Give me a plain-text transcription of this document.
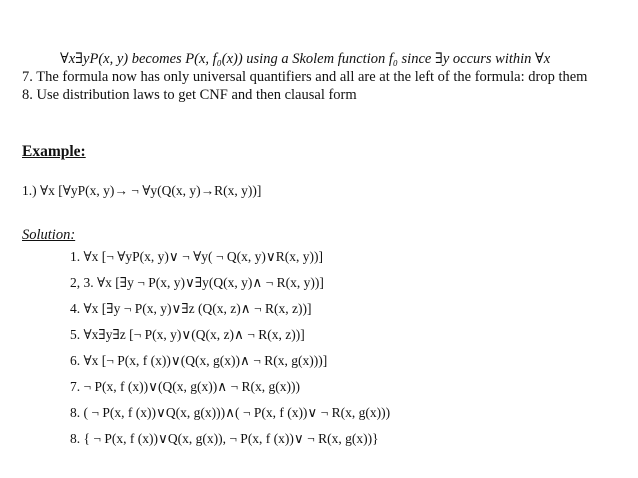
∀x∃yP(x, y) becomes P(x, f₀(x)) using a Skolem function f₀ since ∃y occurs within ∀x
7. The formula now has only universal quantifiers and all are at the left of the formula: drop them
8. Use distribution laws to get CNF and then clausal form
Example:
1.) ∀x [∀yP(x, y)→ ¬ ∀y(Q(x, y)→R(x, y))]
Solution:
1. ∀x [¬ ∀yP(x, y)∨ ¬ ∀y( ¬ Q(x, y)∨R(x, y))]
2, 3. ∀x [∃y ¬ P(x, y)∨∃y(Q(x, y)∧ ¬ R(x, y))]
4. ∀x [∃y ¬ P(x, y)∨∃z (Q(x, z)∧ ¬ R(x, z))]
5. ∀x∃y∃z [¬ P(x, y)∨(Q(x, z)∧ ¬ R(x, z))]
6. ∀x [¬ P(x, f (x))∨(Q(x, g(x))∧ ¬ R(x, g(x)))]
7. ¬ P(x, f (x))∨(Q(x, g(x))∧ ¬ R(x, g(x)))
8. ( ¬ P(x, f (x))∨Q(x, g(x)))∧( ¬ P(x, f (x))∨ ¬ R(x, g(x)))
8. { ¬ P(x, f (x))∨Q(x, g(x)), ¬ P(x, f (x))∨ ¬ R(x, g(x))}
